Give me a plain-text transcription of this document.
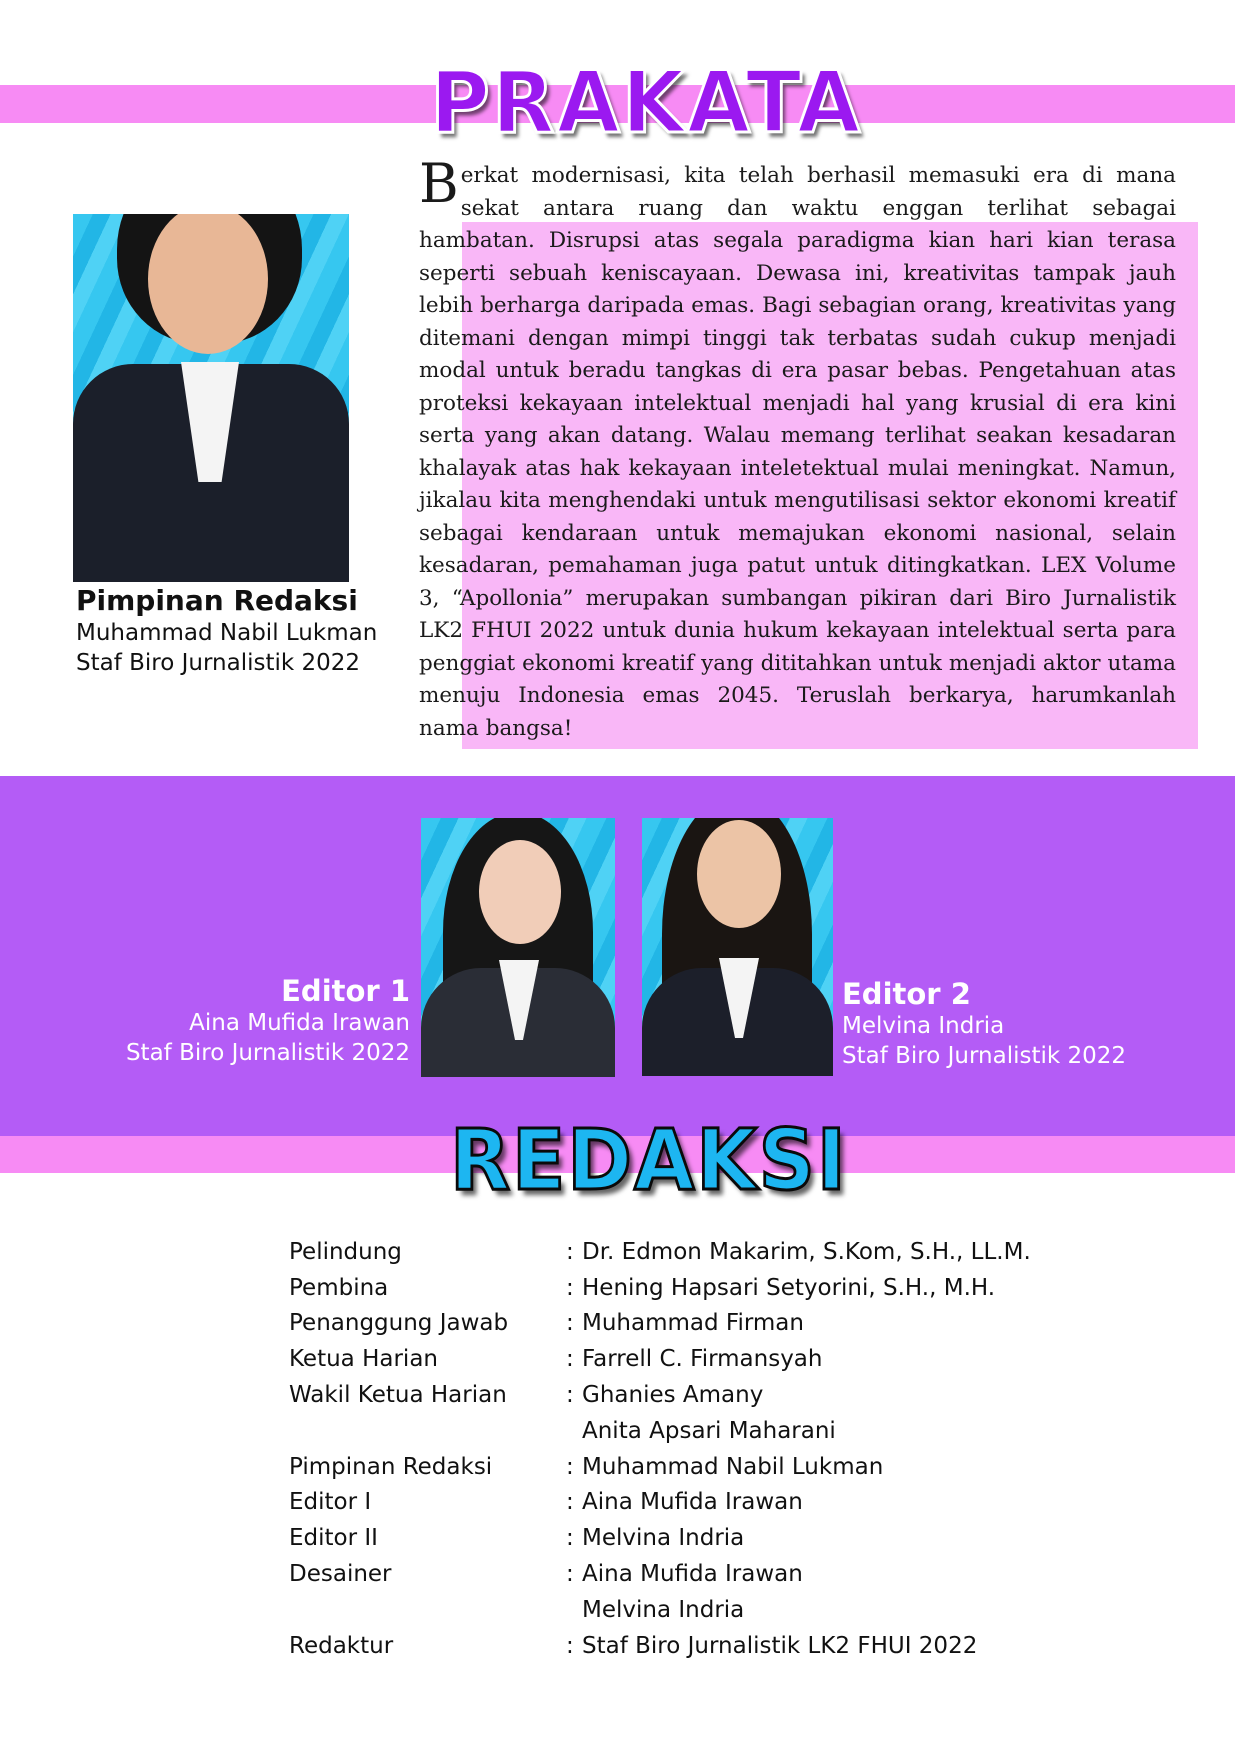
PRAKATA
Pimpinan Redaksi
Muhammad Nabil Lukman
Staf Biro Jurnalistik 2022
Berkat modernisasi, kita telah berhasil memasuki era di mana sekat antara ruang dan waktu enggan terlihat sebagai hambatan. Disrupsi atas segala paradigma kian hari kian terasa seperti sebuah keniscayaan. Dewasa ini, kreativitas tampak jauh lebih berharga daripada emas. Bagi sebagian orang, kreativitas yang ditemani dengan mimpi tinggi tak terbatas sudah cukup menjadi modal untuk beradu tangkas di era pasar bebas. Pengetahuan atas proteksi kekayaan intelektual menjadi hal yang krusial di era kini serta yang akan datang. Walau memang terlihat seakan kesadaran khalayak atas hak kekayaan inteletektual mulai meningkat. Namun, jikalau kita menghendaki untuk mengutilisasi sektor ekonomi kreatif sebagai kendaraan untuk memajukan ekonomi nasional, selain kesadaran, pemahaman juga patut untuk ditingkatkan. LEX Volume 3, “Apollonia” merupakan sumbangan pikiran dari Biro Jurnalistik LK2 FHUI 2022 untuk dunia hukum kekayaan intelektual serta para penggiat ekonomi kreatif yang dititahkan untuk menjadi aktor utama menuju Indonesia emas 2045. Teruslah berkarya, harumkanlah nama bangsa!
Editor 1
Aina Mufida Irawan
Staf Biro Jurnalistik 2022
Editor 2
Melvina Indria
Staf Biro Jurnalistik 2022
REDAKSI
Pelindung	: Dr. Edmon Makarim, S.Kom, S.H., LL.M.
Pembina	: Hening Hapsari Setyorini, S.H., M.H.
Penanggung Jawab	: Muhammad Firman
Ketua Harian	: Farrell C. Firmansyah
Wakil Ketua Harian	: Ghanies Amany
Anita Apsari Maharani
Pimpinan Redaksi	: Muhammad Nabil Lukman
Editor I	: Aina Mufida Irawan
Editor II	: Melvina Indria
Desainer	: Aina Mufida Irawan
Melvina Indria
Redaktur	: Staf Biro Jurnalistik LK2 FHUI 2022
